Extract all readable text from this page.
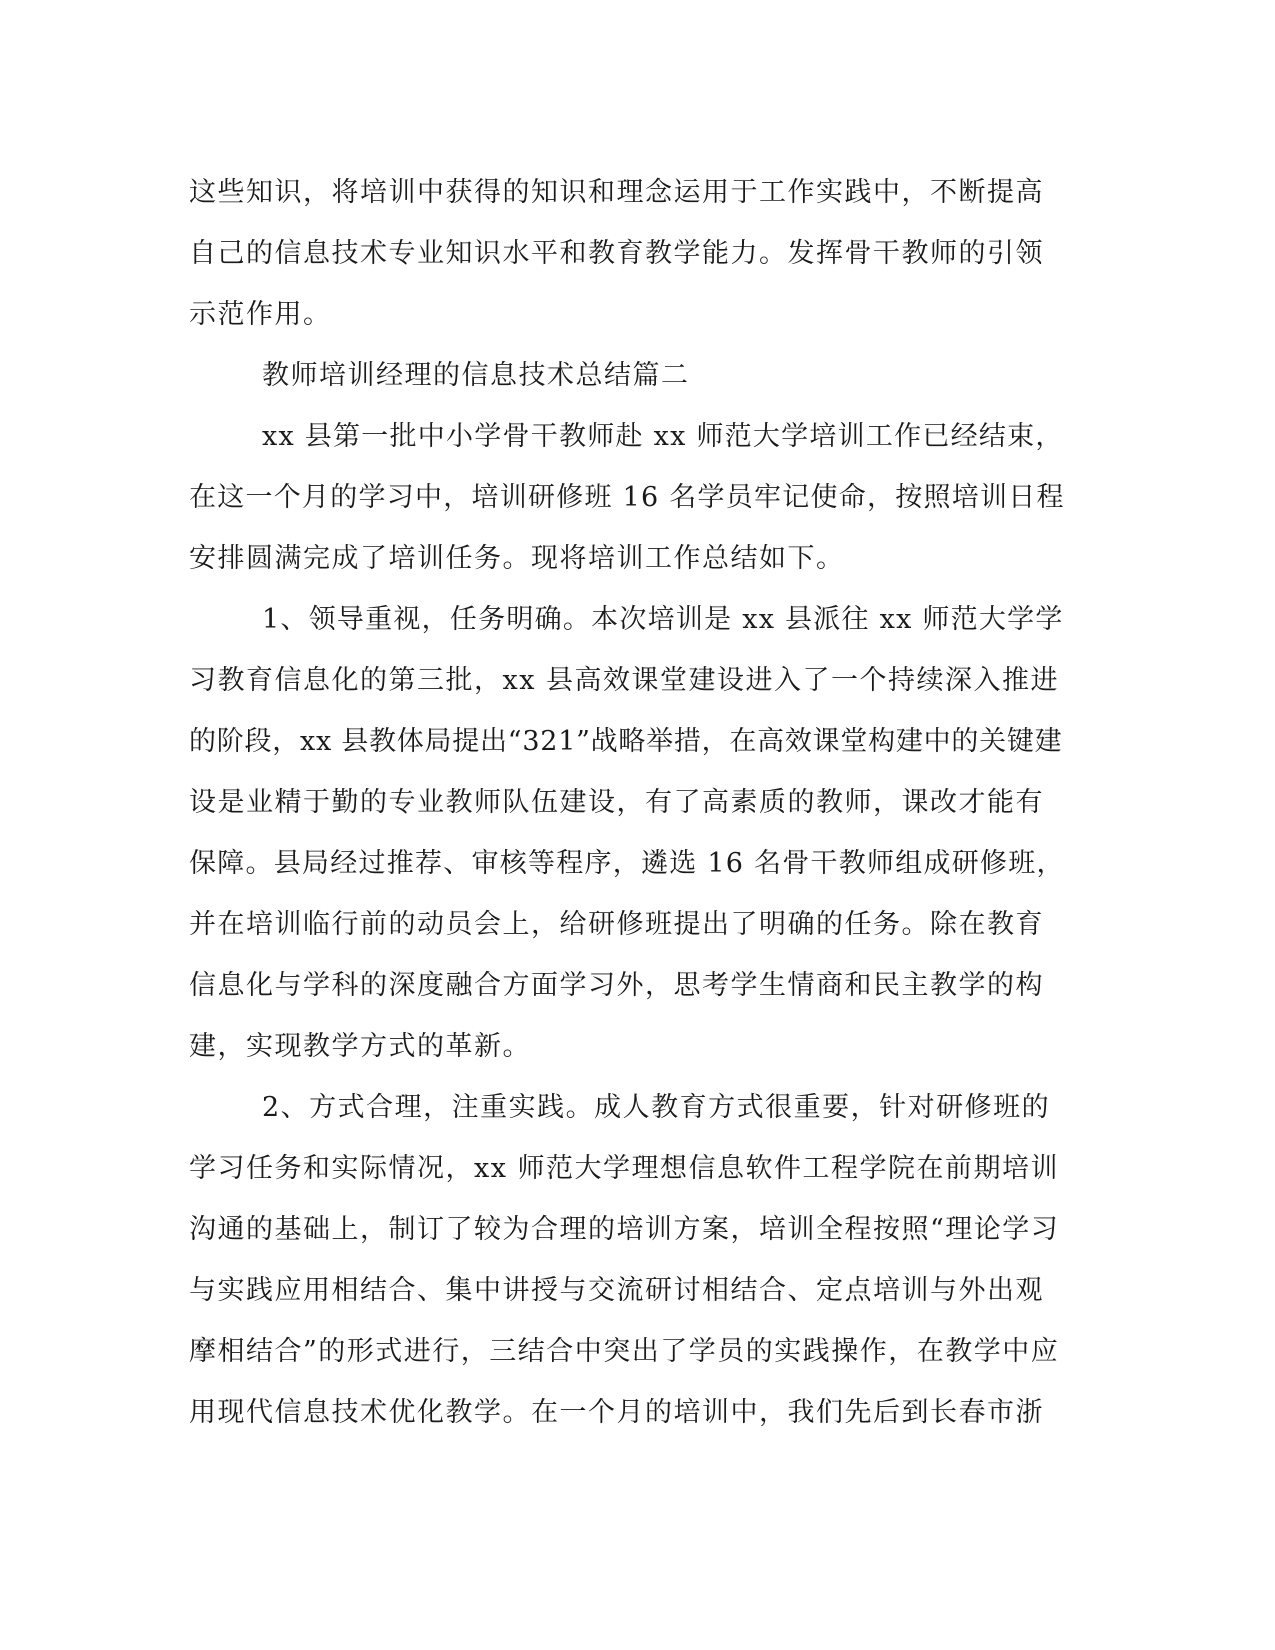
这些知识，将培训中获得的知识和理念运用于工作实践中，不断提高
自己的信息技术专业知识水平和教育教学能力。发挥骨干教师的引领
示范作用。
教师培训经理的信息技术总结篇二
xx 县第一批中小学骨干教师赴 xx 师范大学培训工作已经结束，
在这一个月的学习中，培训研修班 16 名学员牢记使命，按照培训日程
安排圆满完成了培训任务。现将培训工作总结如下。
1、领导重视，任务明确。本次培训是 xx 县派往 xx 师范大学学
习教育信息化的第三批，xx 县高效课堂建设进入了一个持续深入推进
的阶段，xx 县教体局提出“321”战略举措，在高效课堂构建中的关键建
设是业精于勤的专业教师队伍建设，有了高素质的教师，课改才能有
保障。县局经过推荐、审核等程序，遴选 16 名骨干教师组成研修班，
并在培训临行前的动员会上，给研修班提出了明确的任务。除在教育
信息化与学科的深度融合方面学习外，思考学生情商和民主教学的构
建，实现教学方式的革新。
2、方式合理，注重实践。成人教育方式很重要，针对研修班的
学习任务和实际情况，xx 师范大学理想信息软件工程学院在前期培训
沟通的基础上，制订了较为合理的培训方案，培训全程按照“理论学习
与实践应用相结合、集中讲授与交流研讨相结合、定点培训与外出观
摩相结合”的形式进行，三结合中突出了学员的实践操作，在教学中应
用现代信息技术优化教学。在一个月的培训中，我们先后到长春市浙
